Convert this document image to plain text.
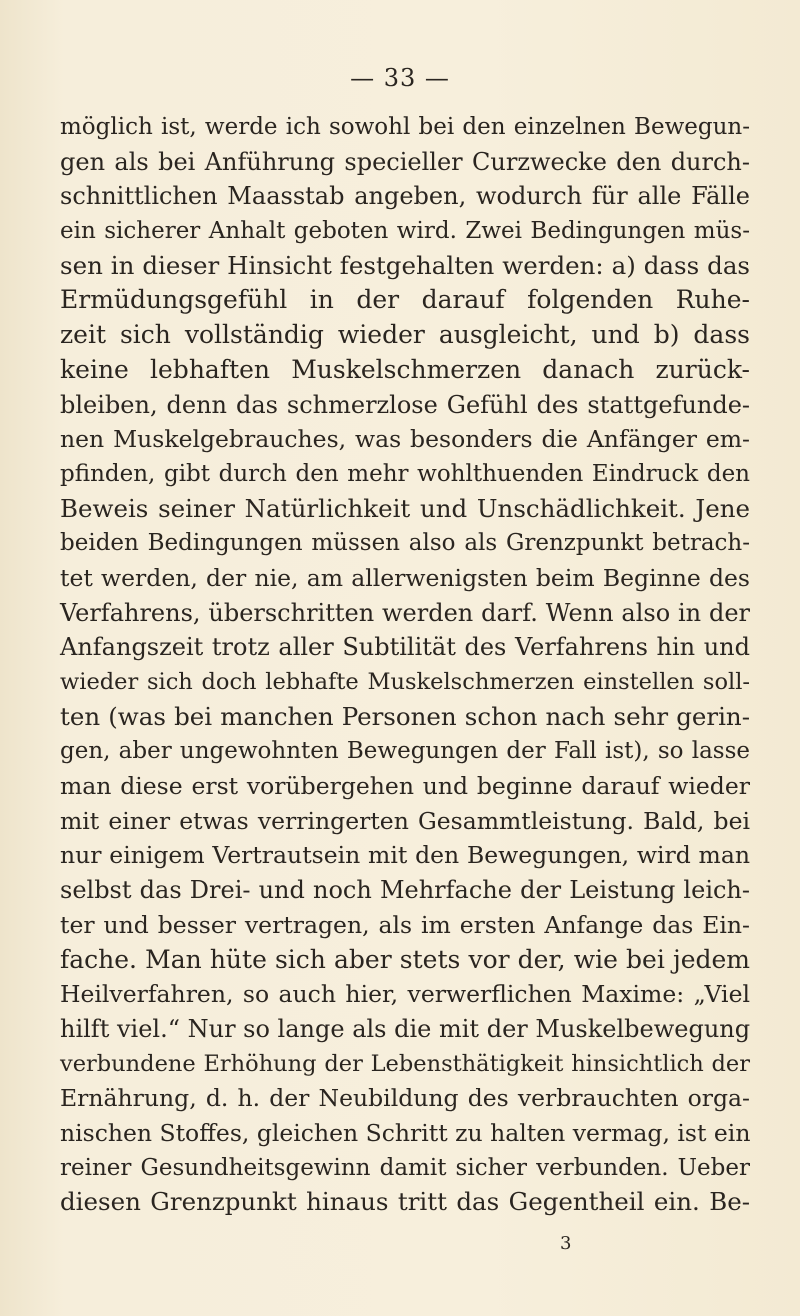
— 33 —
möglich ist, werde ich sowohl bei den einzelnen Bewegun-
gen als bei Anführung specieller Curzwecke den durch-
schnittlichen Maasstab angeben, wodurch für alle Fälle
ein sicherer Anhalt geboten wird. Zwei Bedingungen müs-
sen in dieser Hinsicht festgehalten werden: a) dass das
Ermüdungsgefühl in der darauf folgenden Ruhe-
zeit sich vollständig wieder ausgleicht, und b) dass
keine lebhaften Muskelschmerzen danach zurück-
bleiben, denn das schmerzlose Gefühl des stattgefunde-
nen Muskelgebrauches, was besonders die Anfänger em-
pfinden, gibt durch den mehr wohlthuenden Eindruck den
Beweis seiner Natürlichkeit und Unschädlichkeit. Jene
beiden Bedingungen müssen also als Grenzpunkt betrach-
tet werden, der nie, am allerwenigsten beim Beginne des
Verfahrens, überschritten werden darf. Wenn also in der
Anfangszeit trotz aller Subtilität des Verfahrens hin und
wieder sich doch lebhafte Muskelschmerzen einstellen soll-
ten (was bei manchen Personen schon nach sehr gerin-
gen, aber ungewohnten Bewegungen der Fall ist), so lasse
man diese erst vorübergehen und beginne darauf wieder
mit einer etwas verringerten Gesammtleistung. Bald, bei
nur einigem Vertrautsein mit den Bewegungen, wird man
selbst das Drei- und noch Mehrfache der Leistung leich-
ter und besser vertragen, als im ersten Anfange das Ein-
fache. Man hüte sich aber stets vor der, wie bei jedem
Heilverfahren, so auch hier, verwerflichen Maxime: „Viel
hilft viel.“ Nur so lange als die mit der Muskelbewegung
verbundene Erhöhung der Lebensthätigkeit hinsichtlich der
Ernährung, d. h. der Neubildung des verbrauchten orga-
nischen Stoffes, gleichen Schritt zu halten vermag, ist ein
reiner Gesundheitsgewinn damit sicher verbunden. Ueber
diesen Grenzpunkt hinaus tritt das Gegentheil ein. Be-
3
